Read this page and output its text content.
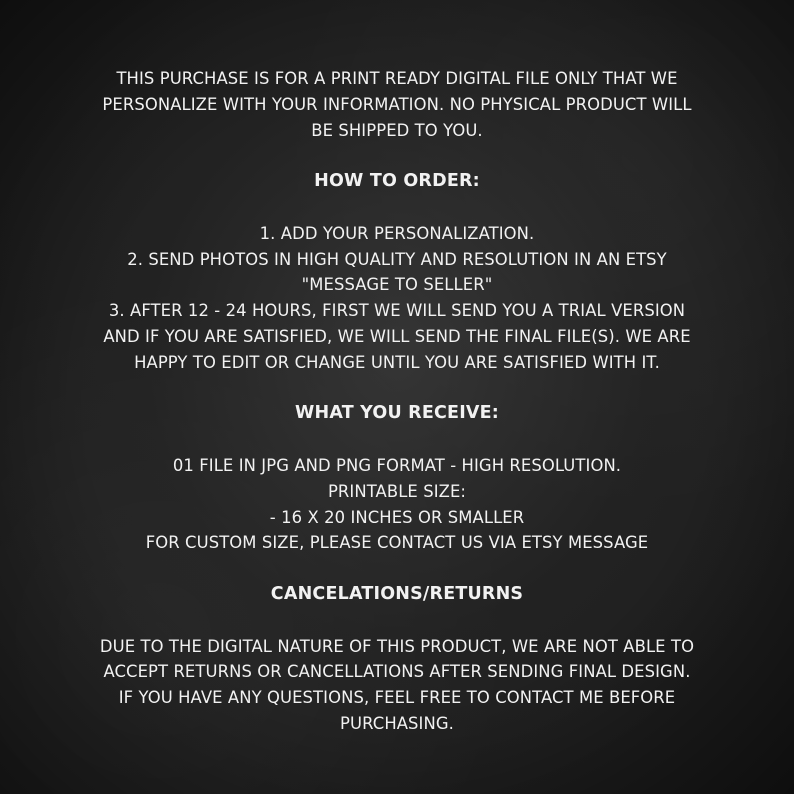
THIS PURCHASE IS FOR A PRINT READY DIGITAL FILE ONLY THAT WE
PERSONALIZE WITH YOUR INFORMATION. NO PHYSICAL PRODUCT WILL
BE SHIPPED TO YOU.

HOW TO ORDER:

1. ADD YOUR PERSONALIZATION.
2. SEND PHOTOS IN HIGH QUALITY AND RESOLUTION IN AN ETSY
"MESSAGE TO SELLER"
3. AFTER 12 - 24 HOURS, FIRST WE WILL SEND YOU A TRIAL VERSION
AND IF YOU ARE SATISFIED, WE WILL SEND THE FINAL FILE(S). WE ARE
HAPPY TO EDIT OR CHANGE UNTIL YOU ARE SATISFIED WITH IT.

WHAT YOU RECEIVE:

01 FILE IN JPG AND PNG FORMAT - HIGH RESOLUTION.
PRINTABLE SIZE:
- 16 X 20 INCHES OR SMALLER
FOR CUSTOM SIZE, PLEASE CONTACT US VIA ETSY MESSAGE

CANCELATIONS/RETURNS

DUE TO THE DIGITAL NATURE OF THIS PRODUCT, WE ARE NOT ABLE TO
ACCEPT RETURNS OR CANCELLATIONS AFTER SENDING FINAL DESIGN.
IF YOU HAVE ANY QUESTIONS, FEEL FREE TO CONTACT ME BEFORE
PURCHASING.
